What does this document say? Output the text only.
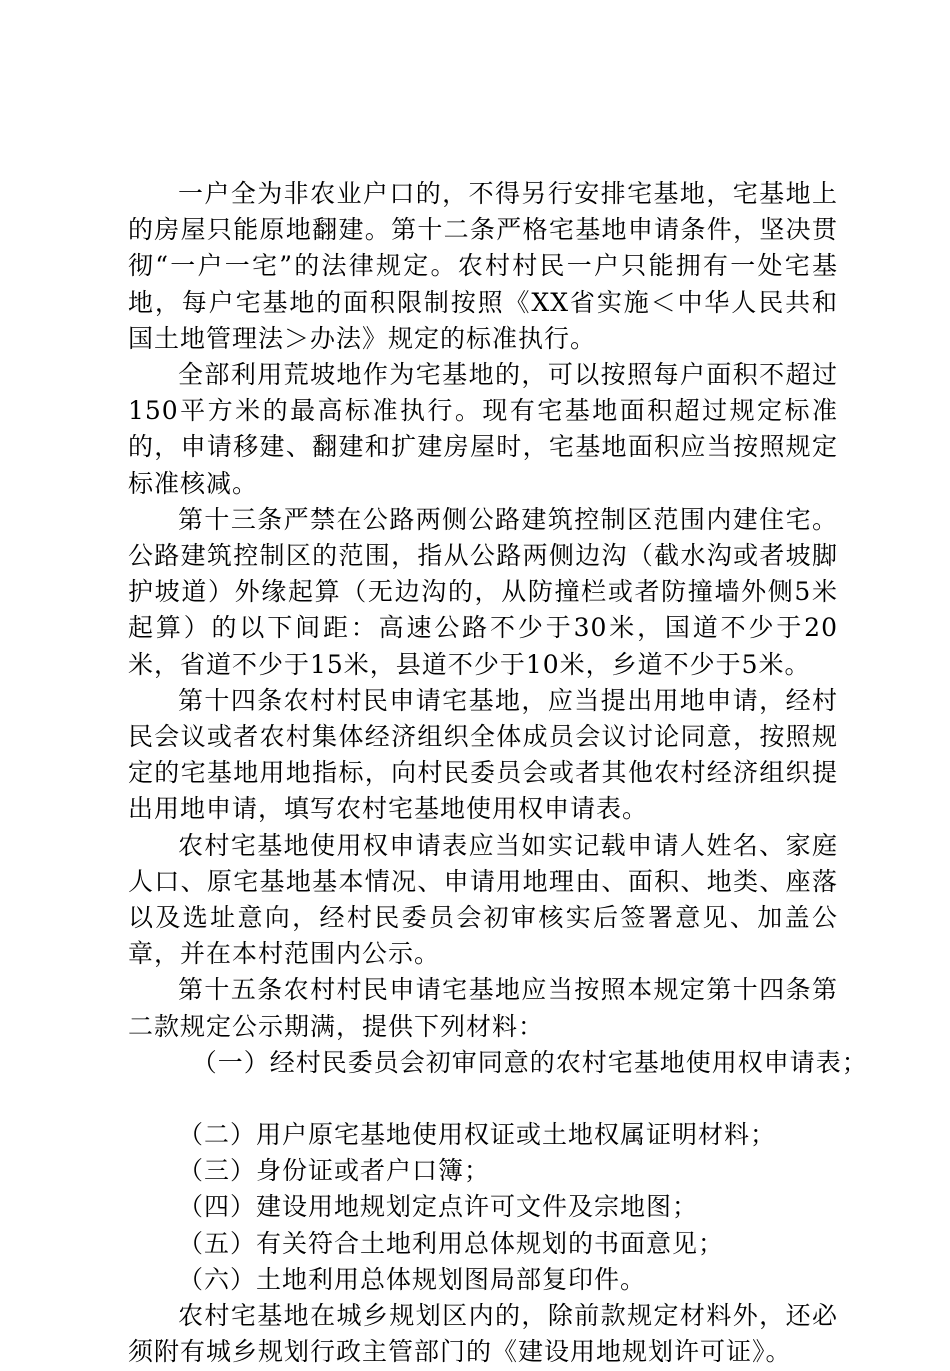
一户全为非农业户口的，不得另行安排宅基地，宅基地上的房屋只能原地翻建。第十二条严格宅基地申请条件，坚决贯彻“一户一宅”的法律规定。农村村民一户只能拥有一处宅基地，每户宅基地的面积限制按照《XX省实施＜中华人民共和国土地管理法＞办法》规定的标准执行。

全部利用荒坡地作为宅基地的，可以按照每户面积不超过150平方米的最高标准执行。现有宅基地面积超过规定标准的，申请移建、翻建和扩建房屋时，宅基地面积应当按照规定标准核减。

第十三条严禁在公路两侧公路建筑控制区范围内建住宅。公路建筑控制区的范围，指从公路两侧边沟（截水沟或者坡脚护坡道）外缘起算（无边沟的，从防撞栏或者防撞墙外侧5米起算）的以下间距：高速公路不少于30米，国道不少于20米，省道不少于15米，县道不少于10米，乡道不少于5米。

第十四条农村村民申请宅基地，应当提出用地申请，经村民会议或者农村集体经济组织全体成员会议讨论同意，按照规定的宅基地用地指标，向村民委员会或者其他农村经济组织提出用地申请，填写农村宅基地使用权申请表。

农村宅基地使用权申请表应当如实记载申请人姓名、家庭人口、原宅基地基本情况、申请用地理由、面积、地类、座落以及选址意向，经村民委员会初审核实后签署意见、加盖公章，并在本村范围内公示。

第十五条农村村民申请宅基地应当按照本规定第十四条第二款规定公示期满，提供下列材料：

（一）经村民委员会初审同意的农村宅基地使用权申请表；

（二）用户原宅基地使用权证或土地权属证明材料；

（三）身份证或者户口簿；

（四）建设用地规划定点许可文件及宗地图；

（五）有关符合土地利用总体规划的书面意见；

（六）土地利用总体规划图局部复印件。

农村宅基地在城乡规划区内的，除前款规定材料外，还必须附有城乡规划行政主管部门的《建设用地规划许可证》。
